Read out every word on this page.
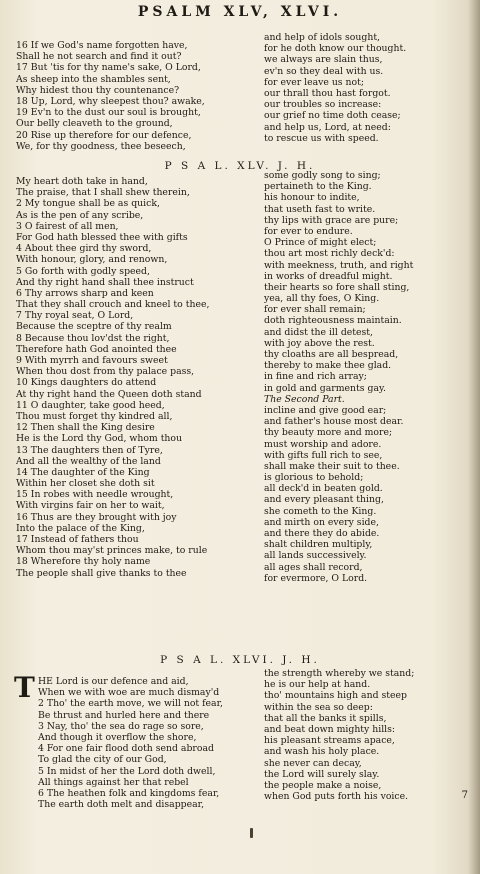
PSALM XLV, XLVI.
16 If we God's name forgotten have,
Shall he not search and find it out?
17 But 'tis for thy name's sake, O Lord,
As sheep into the shambles sent,
Why hidest thou thy countenance?
18 Up, Lord, why sleepest thou? awake,
19 Ev'n to the dust our soul is brought,
Our belly cleaveth to the ground,
20 Rise up therefore for our defence,
We, for thy goodness, thee beseech,
and help of idols sought,
for he doth know our thought.
we always are slain thus,
ev'n so they deal with us.
for ever leave us not;
our thrall thou hast forgot.
our troubles so increase:
our grief no time doth cease;
and help us, Lord, at need:
to rescue us with speed.
P S A L. XLV. J. H.
My heart doth take in hand,
The praise, that I shall shew therein,
2 My tongue shall be as quick,
As is the pen of any scribe,
3 O fairest of all men,
For God hath blessed thee with gifts
4 About thee gird thy sword,
With honour, glory, and renown,
5 Go forth with godly speed,
And thy right hand shall thee instruct
6 Thy arrows sharp and keen
That they shall crouch and kneel to thee,
7 Thy royal seat, O Lord,
Because the sceptre of thy realm
8 Because thou lov'dst the right,
Therefore hath God anointed thee
9 With myrrh and favours sweet
When thou dost from thy palace pass,
10 Kings daughters do attend
At thy right hand the Queen doth stand
11 O daughter, take good heed,
Thou must forget thy kindred all,
12 Then shall the King desire
He is the Lord thy God, whom thou
13 The daughters then of Tyre,
And all the wealthy of the land
14 The daughter of the King
Within her closet she doth sit
15 In robes with needle wrought,
With virgins fair on her to wait,
16 Thus are they brought with joy
Into the palace of the King,
17 Instead of fathers thou
Whom thou may'st princes make, to rule
18 Wherefore thy holy name
The people shall give thanks to thee
some godly song to sing;
pertaineth to the King.
his honour to indite,
that useth fast to write.
thy lips with grace are pure;
for ever to endure.
O Prince of might elect;
thou art most richly deck'd:
with meekness, truth, and right
in works of dreadful might.
their hearts so fore shall sting,
yea, all thy foes, O King.
for ever shall remain;
doth righteousness maintain.
and didst the ill detest,
with joy above the rest.
thy cloaths are all bespread,
thereby to make thee glad.
in fine and rich array;
in gold and garments gay.
The Second Part.
incline and give good ear;
and father's house most dear.
thy beauty more and more;
must worship and adore.
with gifts full rich to see,
shall make their suit to thee.
is glorious to behold;
all deck'd in beaten gold.
and every pleasant thing,
she cometh to the King.
and mirth on every side,
and there they do abide.
shalt children multiply,
all lands successively.
all ages shall record,
for evermore, O Lord.
P S A L. XLVI. J. H.
T HE Lord is our defence and aid,
When we with woe are much dismay'd
2 Tho' the earth move, we will not fear,
Be thrust and hurled here and there
3 Nay, tho' the sea do rage so sore,
And though it overflow the shore,
4 For one fair flood doth send abroad
To glad the city of our God,
5 In midst of her the Lord doth dwell,
All things against her that rebel
6 The heathen folk and kingdoms fear,
The earth doth melt and disappear,
the strength whereby we stand;
he is our help at hand.
tho' mountains high and steep
within the sea so deep:
that all the banks it spills,
and beat down mighty hills:
his pleasant streams apace,
and wash his holy place.
she never can decay,
the Lord will surely slay.
the people make a noise,
when God puts forth his voice.	7
